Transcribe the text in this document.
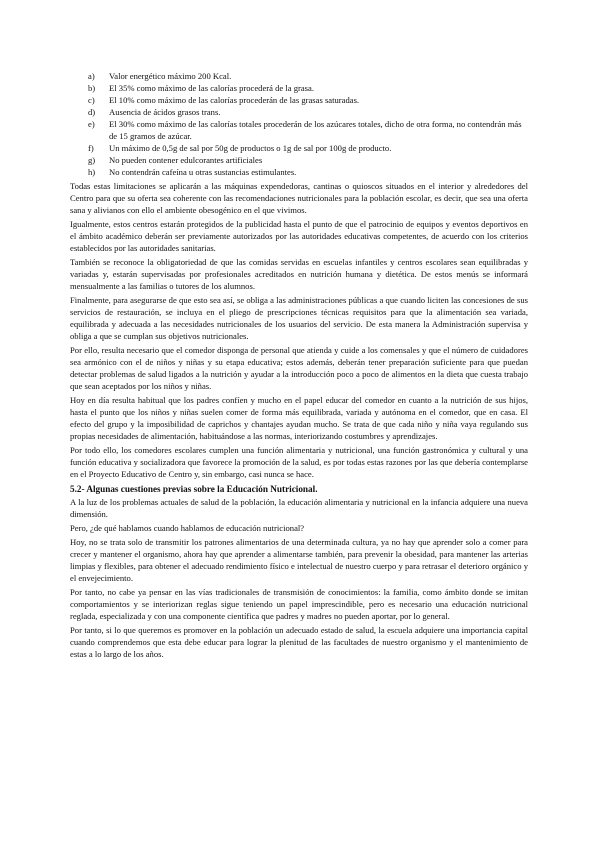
a)	Valor energético máximo 200 Kcal.
b)	El 35% como máximo de las calorías procederá de la grasa.
c)	El 10% como máximo de las calorías procederán de las grasas saturadas.
d)	Ausencia de ácidos grasos trans.
e)	El 30% como máximo de las calorías totales procederán de los azúcares totales, dicho de otra forma, no contendrán más de 15 gramos de azúcar.
f)	Un máximo de 0,5g de sal por 50g de productos o 1g de sal por 100g de producto.
g)	No pueden contener edulcorantes artificiales
h)	No contendrán cafeína u otras sustancias estimulantes.

Todas estas limitaciones se aplicarán a las máquinas expendedoras, cantinas o quioscos situados en el interior y alrededores del Centro para que su oferta sea coherente con las recomendaciones nutricionales para la población escolar, es decir, que sea una oferta sana y alivianos con ello el ambiente obesogénico en el que vivimos.

Igualmente, estos centros estarán protegidos de la publicidad hasta el punto de que el patrocinio de equipos y eventos deportivos en el ámbito académico deberán ser previamente autorizados por las autoridades educativas competentes, de acuerdo con los criterios establecidos por las autoridades sanitarias.

También se reconoce la obligatoriedad de que las comidas servidas en escuelas infantiles y centros escolares sean equilibradas y variadas y, estarán supervisadas por profesionales acreditados en nutrición humana y dietética. De estos menús se informará mensualmente a las familias o tutores de los alumnos.

Finalmente, para asegurarse de que esto sea así, se obliga a las administraciones públicas a que cuando liciten las concesiones de sus servicios de restauración, se incluya en el pliego de prescripciones técnicas requisitos para que la alimentación sea variada, equilibrada y adecuada a las necesidades nutricionales de los usuarios del servicio. De esta manera la Administración supervisa y obliga a que se cumplan sus objetivos nutricionales.

Por ello, resulta necesario que el comedor disponga de personal que atienda y cuide a los comensales y que el número de cuidadores sea armónico con el de niños y niñas y su etapa educativa; estos además, deberán tener preparación suficiente para que puedan detectar problemas de salud ligados a la nutrición y ayudar a la introducción poco a poco de alimentos en la dieta que cuesta trabajo que sean aceptados por los niños y niñas.

Hoy en día resulta habitual que los padres confíen y mucho en el papel educar del comedor en cuanto a la nutrición de sus hijos, hasta el punto que los niños y niñas suelen comer de forma más equilibrada, variada y autónoma en el comedor, que en casa. El efecto del grupo y la imposibilidad de caprichos y chantajes ayudan mucho. Se trata de que cada niño y niña vaya regulando sus propias necesidades de alimentación, habituándose a las normas, interiorizando costumbres y aprendizajes.

Por todo ello, los comedores escolares cumplen una función alimentaria y nutricional, una función gastronómica y cultural y una función educativa y socializadora que favorece la promoción de la salud, es por todas estas razones por las que debería contemplarse en el Proyecto Educativo de Centro y, sin embargo, casi nunca se hace.

5.2- Algunas cuestiones previas sobre la Educación Nutricional.

A la luz de los problemas actuales de salud de la población, la educación alimentaria y nutricional en la infancia adquiere una nueva dimensión.

Pero, ¿de qué hablamos cuando hablamos de educación nutricional?

Hoy, no se trata solo de transmitir los patrones alimentarios de una determinada cultura, ya no hay que aprender solo a comer para crecer y mantener el organismo, ahora hay que aprender a alimentarse también, para prevenir la obesidad, para mantener las arterias limpias y flexibles, para obtener el adecuado rendimiento físico e intelectual de nuestro cuerpo y para retrasar el deterioro orgánico y el envejecimiento.

Por tanto, no cabe ya pensar en las vías tradicionales de transmisión de conocimientos: la familia, como ámbito donde se imitan comportamientos y se interiorizan reglas sigue teniendo un papel imprescindible, pero es necesario una educación nutricional reglada, especializada y con una componente científica que padres y madres no pueden aportar, por lo general.

Por tanto, si lo que queremos es promover en la población un adecuado estado de salud, la escuela adquiere una importancia capital cuando comprendemos que esta debe educar para lograr la plenitud de las facultades de nuestro organismo y el mantenimiento de estas a lo largo de los años.
